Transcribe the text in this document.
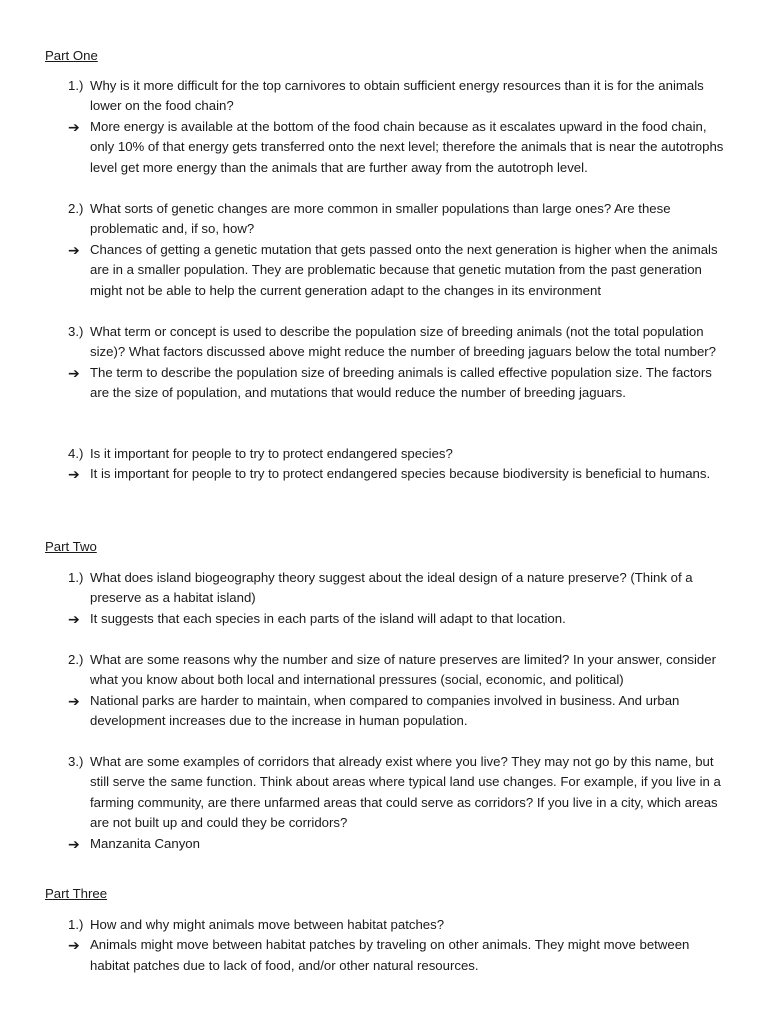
Part One
1.) Why is it more difficult for the top carnivores to obtain sufficient energy resources than it is for the animals lower on the food chain?
➔ More energy is available at the bottom of the food chain because as it escalates upward in the food chain, only 10% of that energy gets transferred onto the next level; therefore the animals that is near the autotrophs level get more energy than the animals that are further away from the autotroph level.
2.) What sorts of genetic changes are more common in smaller populations than large ones? Are these problematic and, if so, how?
➔ Chances of getting a genetic mutation that gets passed onto the next generation is higher when the animals are in a smaller population. They are problematic because that genetic mutation from the past generation might not be able to help the current generation adapt to the changes in its environment
3.) What term or concept is used to describe the population size of breeding animals (not the total population size)? What factors discussed above might reduce the number of breeding jaguars below the total number?
➔ The term to describe the population size of breeding animals is called effective population size. The factors are the size of population, and mutations that would reduce the number of breeding jaguars.
4.) Is it important for people to try to protect endangered species?
➔ It is important for people to try to protect endangered species because biodiversity is beneficial to humans.
Part Two
1.) What does island biogeography theory suggest about the ideal design of a nature preserve? (Think of a preserve as a habitat island)
➔ It suggests that each species in each parts of the island will adapt to that location.
2.) What are some reasons why the number and size of nature preserves are limited? In your answer, consider what you know about both local and international pressures (social, economic, and political)
➔ National parks are harder to maintain, when compared to companies involved in business. And urban development increases due to the increase in human population.
3.) What are some examples of corridors that already exist where you live? They may not go by this name, but still serve the same function. Think about areas where typical land use changes. For example, if you live in a farming community, are there unfarmed areas that could serve as corridors? If you live in a city, which areas are not built up and could they be corridors?
➔ Manzanita Canyon
Part Three
1.) How and why might animals move between habitat patches?
➔ Animals might move between habitat patches by traveling on other animals. They might move between habitat patches due to lack of food, and/or other natural resources.
